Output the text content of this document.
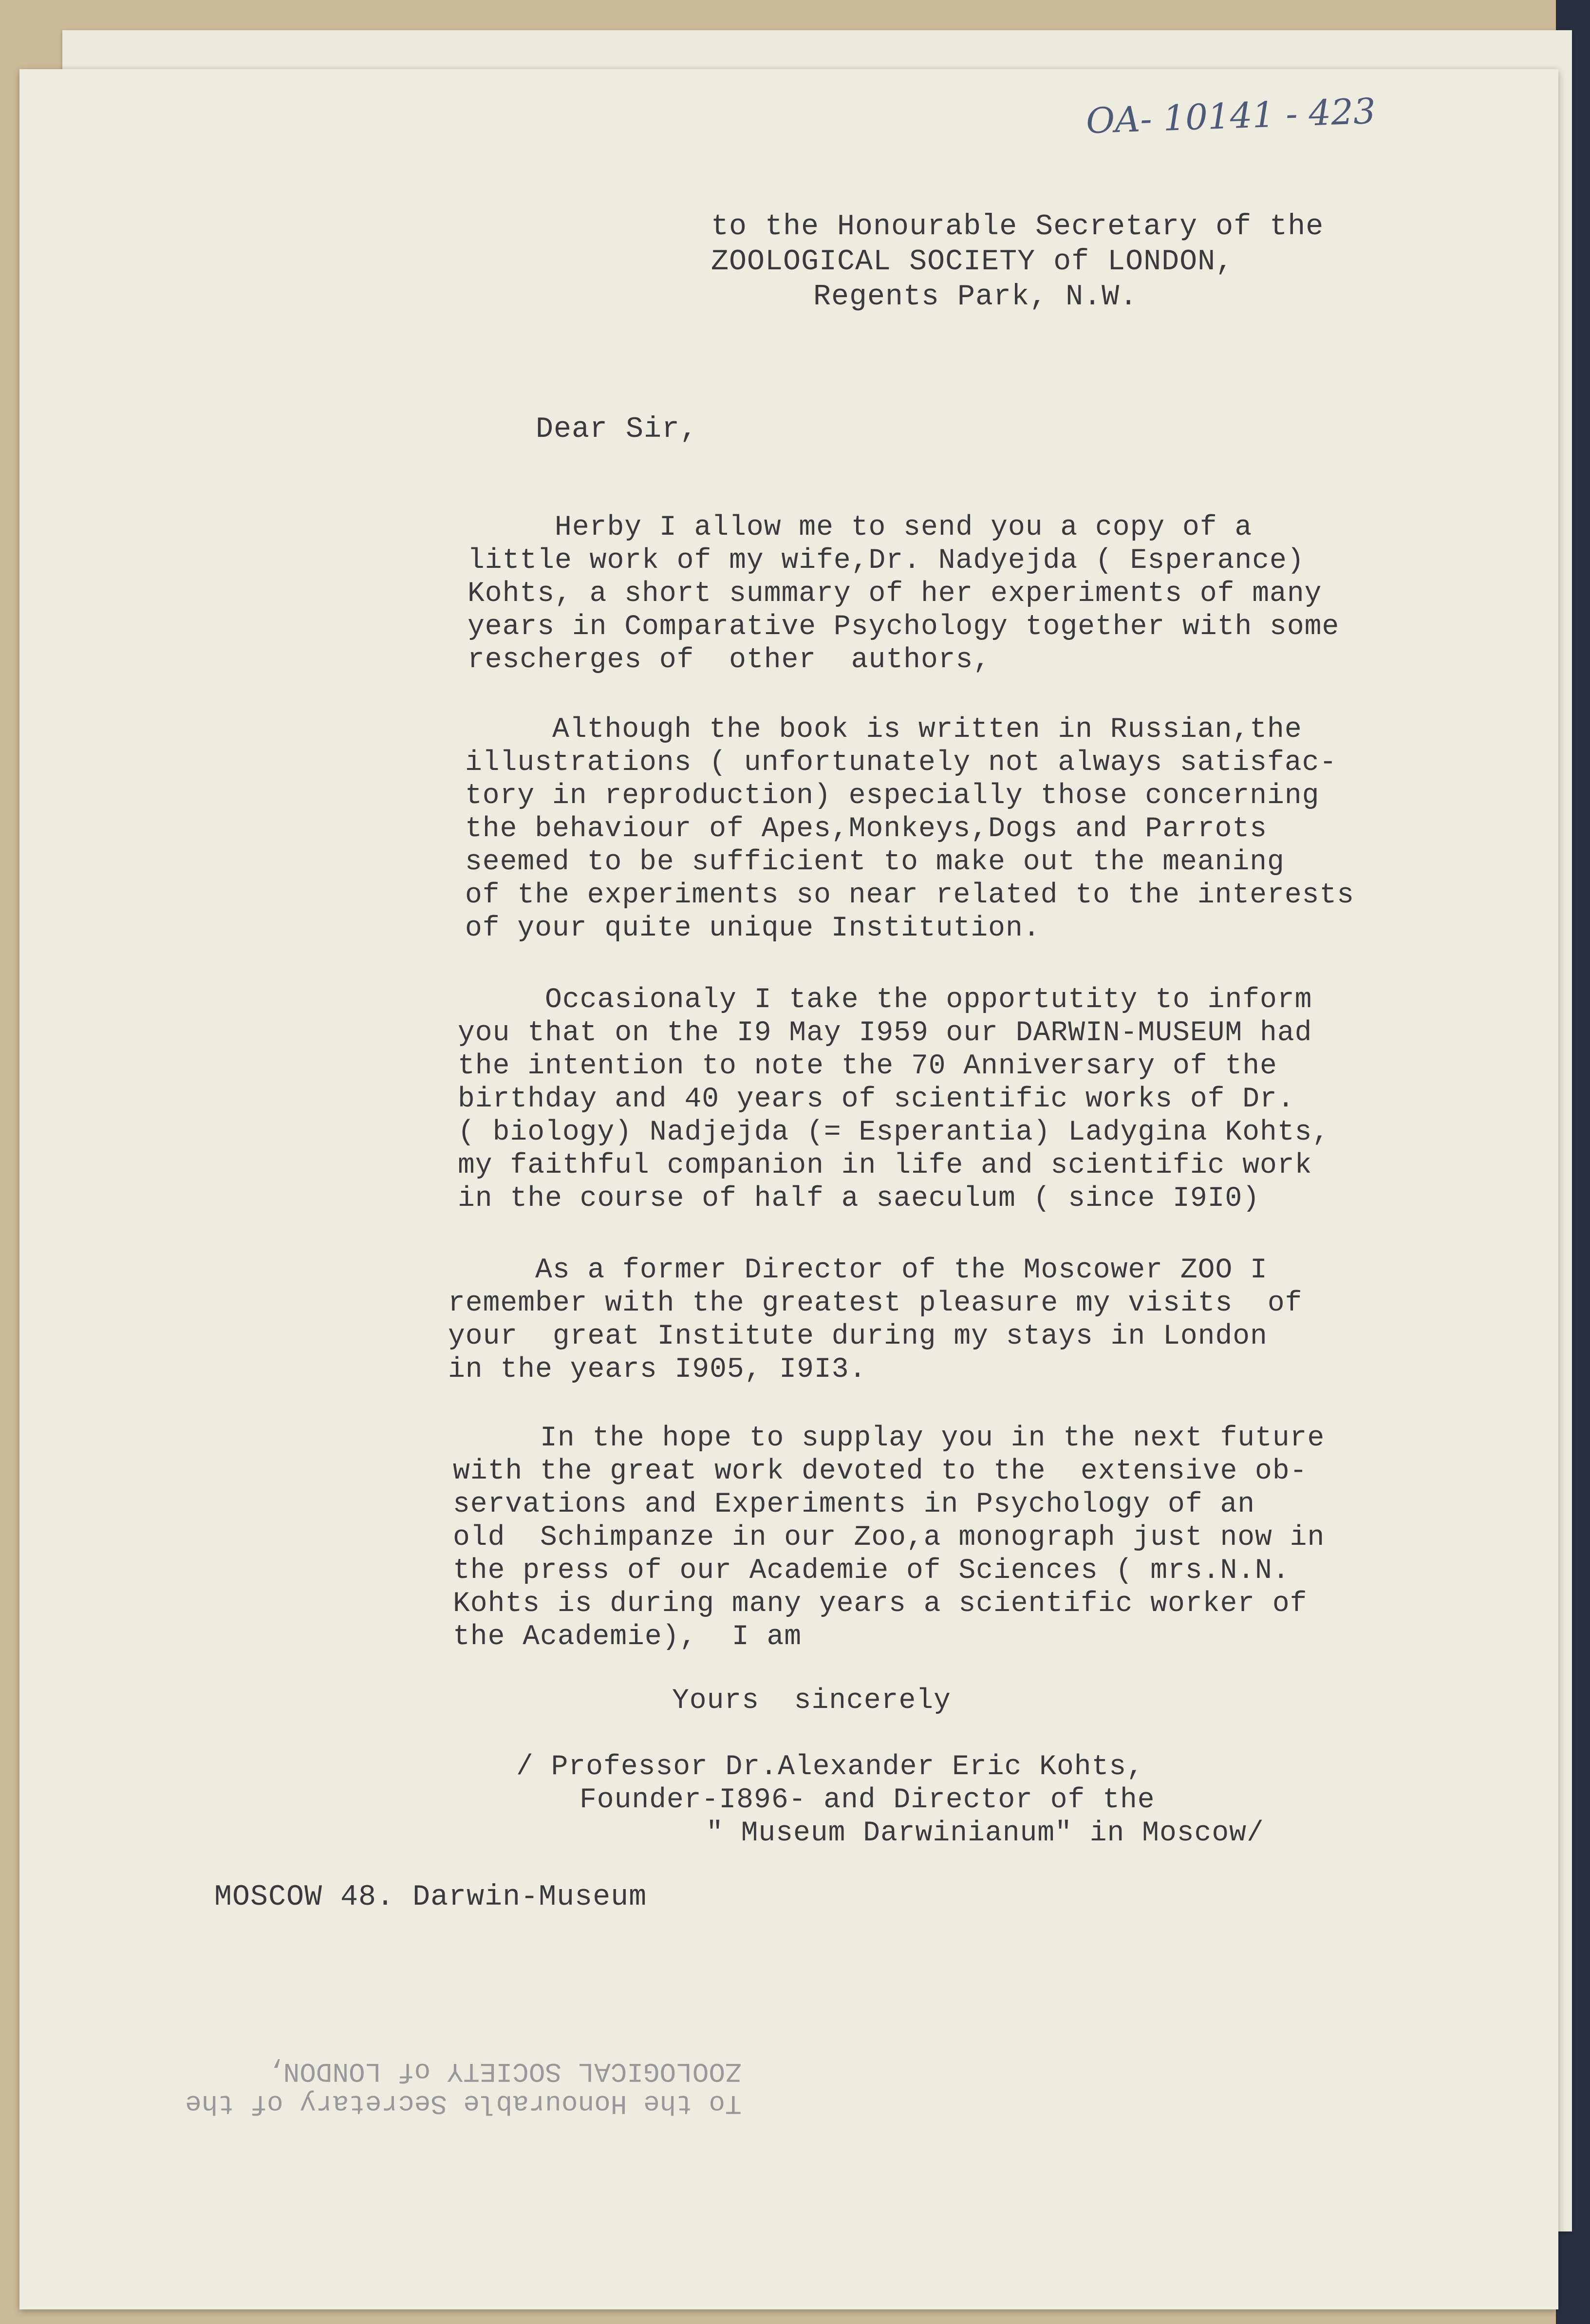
OA- 10141 - 423
to the Honourable Secretary of the

ZOOLOGICAL SOCIETY of LONDON,
Regents Park, N.W.
Dear Sir,

Herby I allow me to send you a copy of a
little work of my wife,Dr. Nadyejda ( Esperance)
Kohts, a short summary of her experiments of many
years in Comparative Psychology together with some
rescherges of  other  authors,

Although the book is written in Russian,the
illustrations ( unfortunately not always satisfac-
tory in reproduction) especially those concerning
the behaviour of Apes,Monkeys,Dogs and Parrots
seemed to be sufficient to make out the meaning
of the experiments so near related to the interests
of your quite unique Institution.

Occasionaly I take the opportutity to inform
you that on the I9 May I959 our DARWIN-MUSEUM had
the intention to note the 70 Anniversary of the
birthday and 40 years of scientific works of Dr.
( biology) Nadjejda (= Esperantia) Ladygina Kohts,
my faithful companion in life and scientific work
in the course of half a saeculum ( since I9I0)

As a former Director of the Moscower ZOO I
remember with the greatest pleasure my visits  of
your  great Institute during my stays in London
in the years I905, I9I3.

In the hope to supplay you in the next future
with the great work devoted to the  extensive ob-
servations and Experiments in Psychology of an
old  Schimpanze in our Zoo,a monograph just now in
the press of our Academie of Sciences ( mrs.N.N.
Kohts is during many years a scientific worker of
the Academie),  I am

Yours  sincerely
/ Professor Dr.Alexander Eric Kohts,

Founder-I896- and Director of the
" Museum Darwinianum" in Moscow/
MOSCOW 48. Darwin-Museum
To the Honourable Secretary of the
ZOOLOGICAL SOCIETY of LONDON,
